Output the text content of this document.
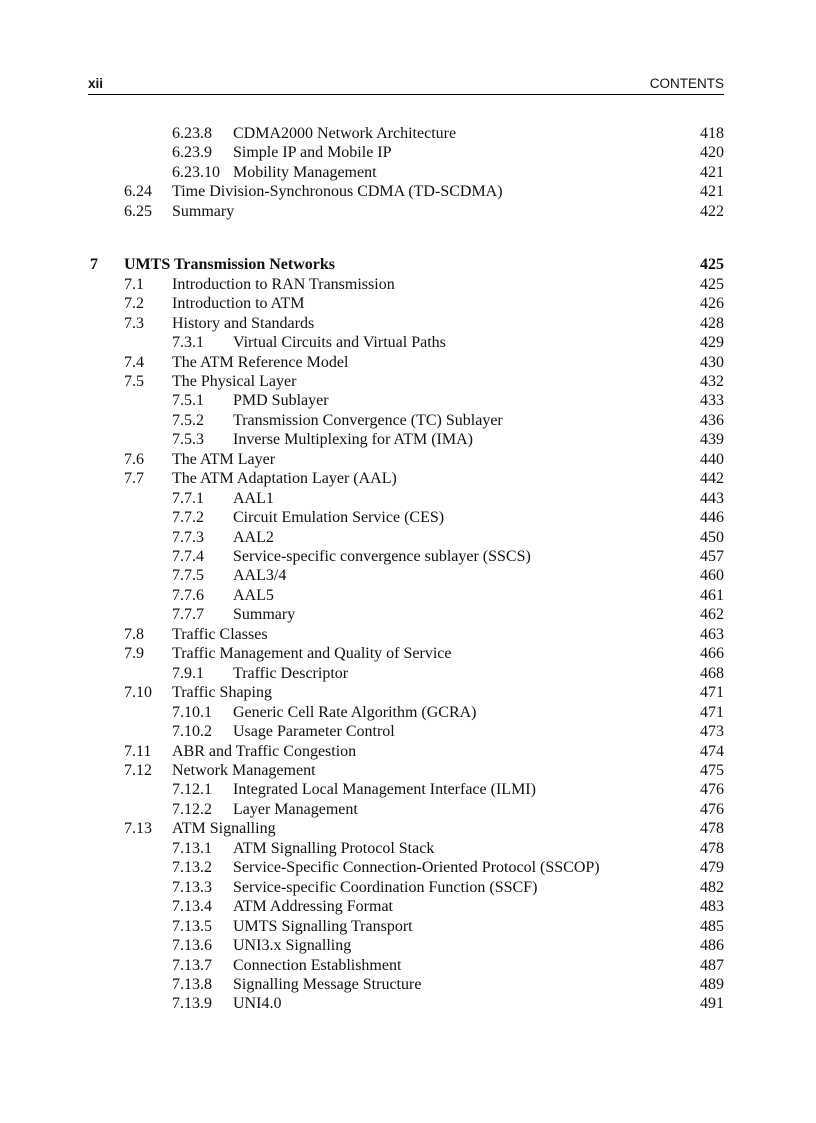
xii	CONTENTS
6.23.8 CDMA2000 Network Architecture	418
6.23.9 Simple IP and Mobile IP	420
6.23.10 Mobility Management	421
6.24 Time Division-Synchronous CDMA (TD-SCDMA)	421
6.25 Summary	422
7 UMTS Transmission Networks	425
7.1 Introduction to RAN Transmission	425
7.2 Introduction to ATM	426
7.3 History and Standards	428
7.3.1 Virtual Circuits and Virtual Paths	429
7.4 The ATM Reference Model	430
7.5 The Physical Layer	432
7.5.1 PMD Sublayer	433
7.5.2 Transmission Convergence (TC) Sublayer	436
7.5.3 Inverse Multiplexing for ATM (IMA)	439
7.6 The ATM Layer	440
7.7 The ATM Adaptation Layer (AAL)	442
7.7.1 AAL1	443
7.7.2 Circuit Emulation Service (CES)	446
7.7.3 AAL2	450
7.7.4 Service-specific convergence sublayer (SSCS)	457
7.7.5 AAL3/4	460
7.7.6 AAL5	461
7.7.7 Summary	462
7.8 Traffic Classes	463
7.9 Traffic Management and Quality of Service	466
7.9.1 Traffic Descriptor	468
7.10 Traffic Shaping	471
7.10.1 Generic Cell Rate Algorithm (GCRA)	471
7.10.2 Usage Parameter Control	473
7.11 ABR and Traffic Congestion	474
7.12 Network Management	475
7.12.1 Integrated Local Management Interface (ILMI)	476
7.12.2 Layer Management	476
7.13 ATM Signalling	478
7.13.1 ATM Signalling Protocol Stack	478
7.13.2 Service-Specific Connection-Oriented Protocol (SSCOP)	479
7.13.3 Service-specific Coordination Function (SSCF)	482
7.13.4 ATM Addressing Format	483
7.13.5 UMTS Signalling Transport	485
7.13.6 UNI3.x Signalling	486
7.13.7 Connection Establishment	487
7.13.8 Signalling Message Structure	489
7.13.9 UNI4.0	491
